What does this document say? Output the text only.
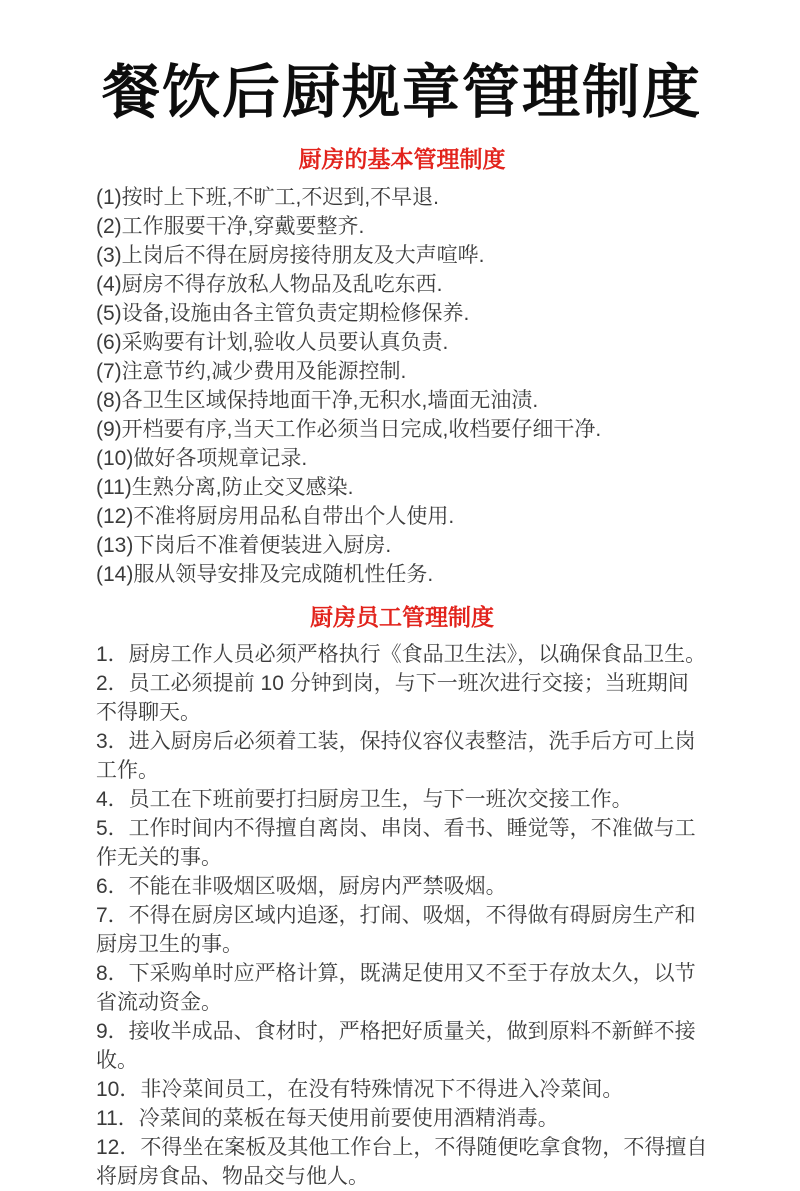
餐饮后厨规章管理制度
厨房的基本管理制度

(1)按时上下班,不旷工,不迟到,不早退.

(2)工作服要干净,穿戴要整齐.

(3)上岗后不得在厨房接待朋友及大声喧哗.

(4)厨房不得存放私人物品及乱吃东西.

(5)设备,设施由各主管负责定期检修保养.

(6)采购要有计划,验收人员要认真负责.

(7)注意节约,减少费用及能源控制.

(8)各卫生区域保持地面干净,无积水,墙面无油渍.

(9)开档要有序,当天工作必须当日完成,收档要仔细干净.

(10)做好各项规章记录.

(11)生熟分离,防止交叉感染.

(12)不准将厨房用品私自带出个人使用.

(13)下岗后不准着便装进入厨房.

(14)服从领导安排及完成随机性任务.

厨房员工管理制度

1．厨房工作人员必须严格执行《食品卫生法》，以确保食品卫生。

2．员工必须提前 10 分钟到岗，与下一班次进行交接；当班期间不得聊天。

3．进入厨房后必须着工装，保持仪容仪表整洁，洗手后方可上岗工作。

4．员工在下班前要打扫厨房卫生，与下一班次交接工作。

5．工作时间内不得擅自离岗、串岗、看书、睡觉等，不准做与工作无关的事。

6．不能在非吸烟区吸烟，厨房内严禁吸烟。

7．不得在厨房区域内追逐，打闹、吸烟，不得做有碍厨房生产和厨房卫生的事。

8．下采购单时应严格计算，既满足使用又不至于存放太久，以节省流动资金。

9．接收半成品、食材时，严格把好质量关，做到原料不新鲜不接收。

10．非冷菜间员工，在没有特殊情况下不得进入冷菜间。

11．冷菜间的菜板在每天使用前要使用酒精消毒。

12．不得坐在案板及其他工作台上，不得随便吃拿食物，不得擅自将厨房食品、物品交与他人。
